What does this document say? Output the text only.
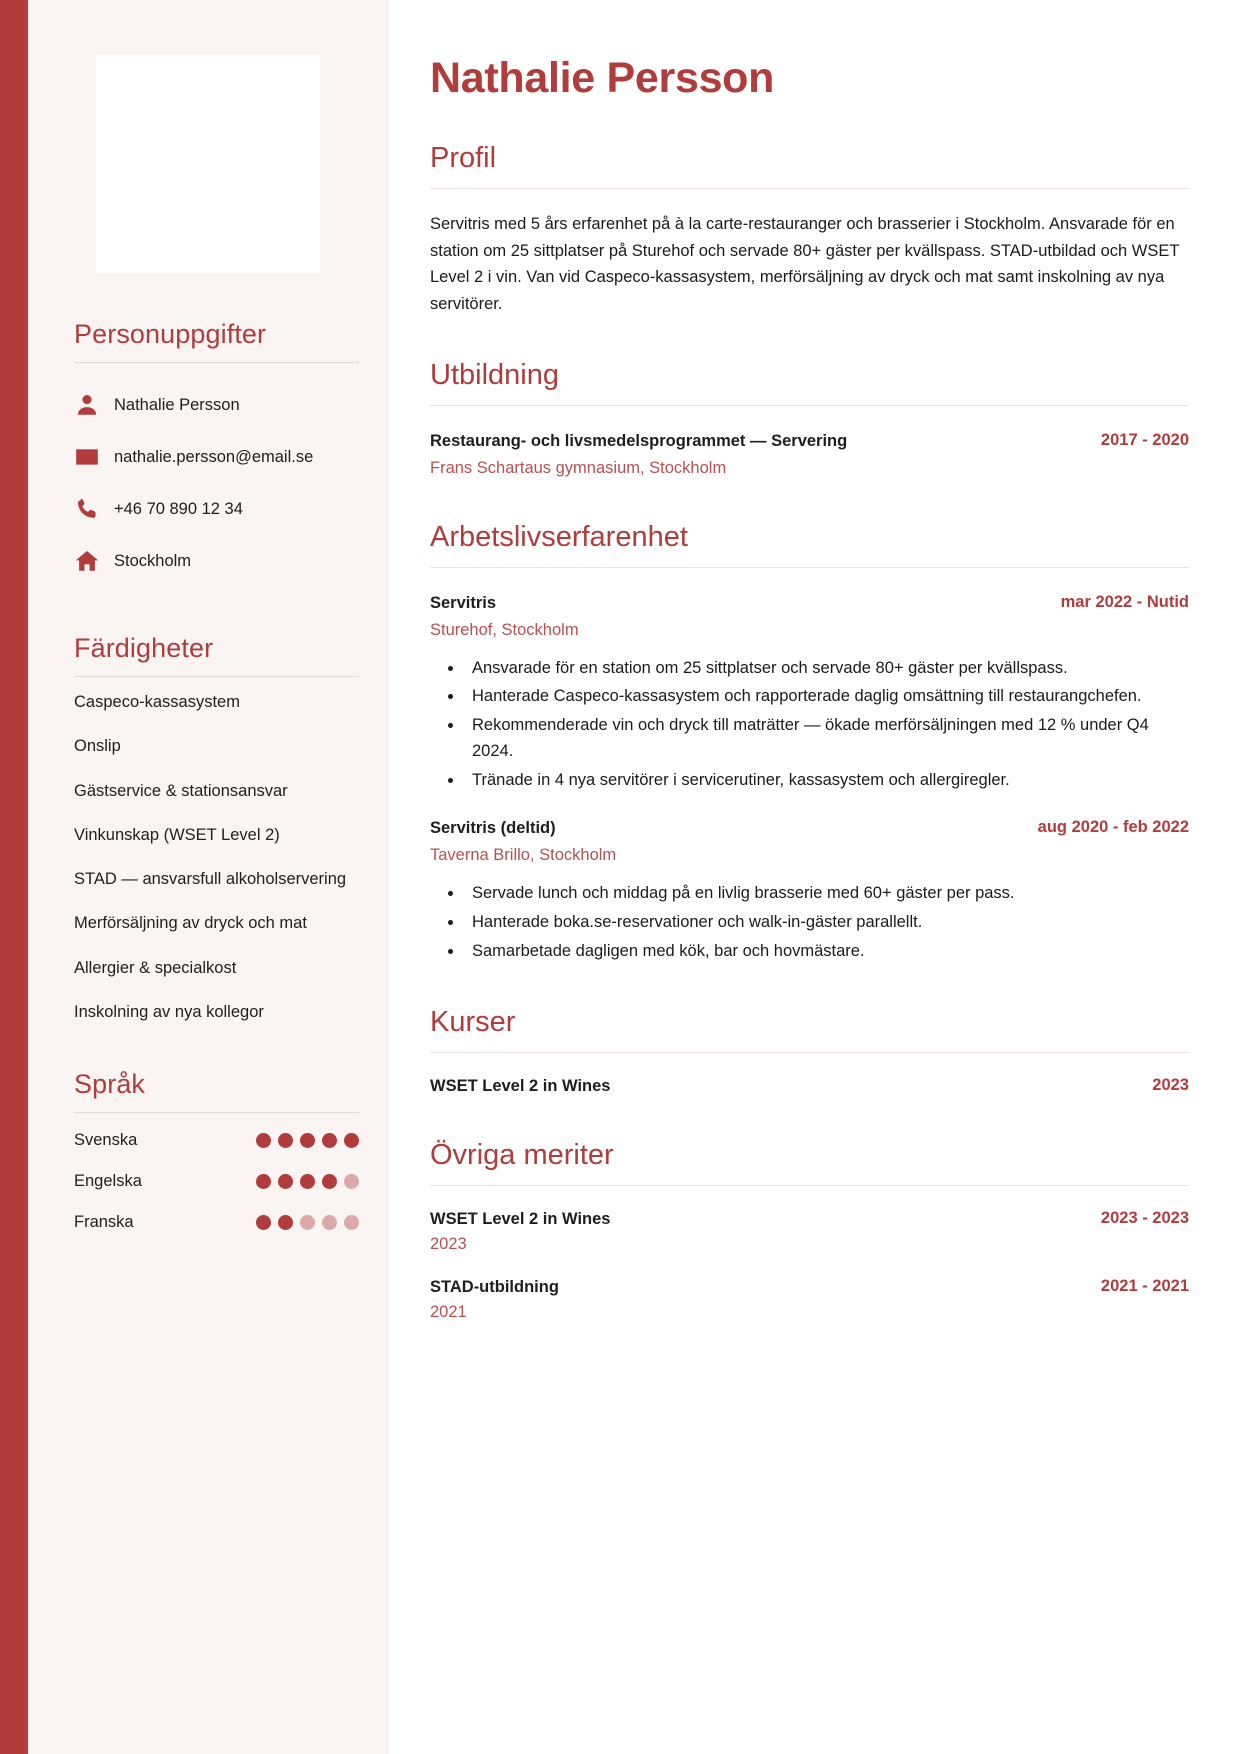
Personuppgifter
Nathalie Persson
nathalie.persson@email.se
+46 70 890 12 34
Stockholm
Färdigheter
Caspeco-kassasystem
Onslip
Gästservice & stationsansvar
Vinkunskap (WSET Level 2)
STAD — ansvarsfull alkoholservering
Merförsäljning av dryck och mat
Allergier & specialkost
Inskolning av nya kollegor
Språk
Svenska
Engelska
Franska
Nathalie Persson
Profil

Servitris med 5 års erfarenhet på à la carte-restauranger och brasserier i Stockholm. Ansvarade för en station om 25 sittplatser på Sturehof och servade 80+ gäster per kvällspass. STAD-utbildad och WSET Level 2 i vin. Van vid Caspeco-kassasystem, merförsäljning av dryck och mat samt inskolning av nya servitörer.

Utbildning
Restaurang- och livsmedelsprogrammet — Servering	2017 - 2020
Frans Schartaus gymnasium, Stockholm
Arbetslivserfarenhet
Servitris	mar 2022 - Nutid
Sturehof, Stockholm
• Ansvarade för en station om 25 sittplatser och servade 80+ gäster per kvällspass.
• Hanterade Caspeco-kassasystem och rapporterade daglig omsättning till restaurangchefen.
• Rekommenderade vin och dryck till maträtter — ökade merförsäljningen med 12 % under Q4 2024.
• Tränade in 4 nya servitörer i servicerutiner, kassasystem och allergiregler.
Servitris (deltid)	aug 2020 - feb 2022
Taverna Brillo, Stockholm
• Servade lunch och middag på en livlig brasserie med 60+ gäster per pass.
• Hanterade boka.se-reservationer och walk-in-gäster parallellt.
• Samarbetade dagligen med kök, bar och hovmästare.
Kurser
WSET Level 2 in Wines	2023
Övriga meriter
WSET Level 2 in Wines	2023 - 2023
2023
STAD-utbildning	2021 - 2021
2021
